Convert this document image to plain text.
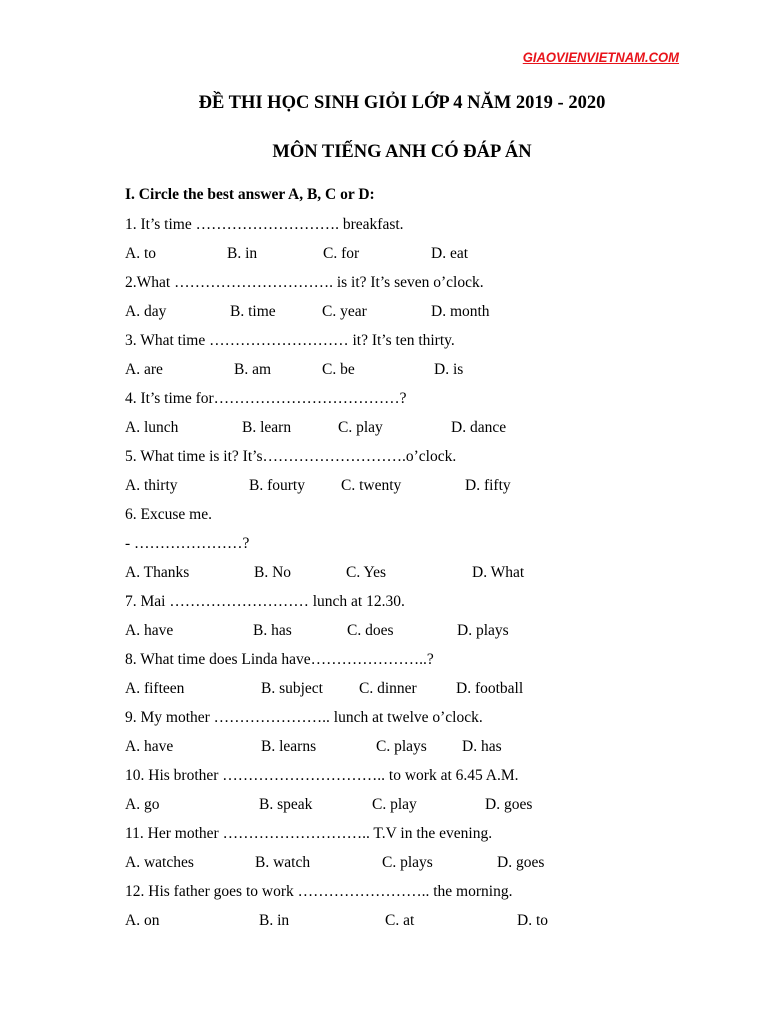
GIAOVIENVIETNAM.COM
ĐỀ THI HỌC SINH GIỎI LỚP 4 NĂM 2019 - 2020
MÔN TIẾNG ANH CÓ ĐÁP ÁN
I. Circle the best answer A, B, C or D:
1. It’s time ………………………. breakfast.
A. to	B. in	C. for	D. eat
2.What …………………………. is it? It’s seven o’clock.
A. day	B. time	C. year	D. month
3. What time ……………………… it? It’s ten thirty.
A. are	B. am	C. be	D. is
4. It’s time for………………………………?
A. lunch	B. learn	C. play	D. dance
5. What time is it? It’s……………………….o’clock.
A. thirty	B. fourty C. twenty	D. fifty
6. Excuse me.
- …………………?
A. Thanks	B. No	C. Yes	D. What
7. Mai ……………………… lunch at 12.30.
A. have	B. has	C. does	D. plays
8. What time does Linda have…………………..?
A. fifteen	B. subject C. dinner	D. football
9. My mother ………………….. lunch at twelve o’clock.
A. have	B. learns	C. plays D. has
10. His brother ………………………….. to work at 6.45 A.M.
A. go	B. speak	C. play	D. goes
11. Her mother ……………………….. T.V in the evening.
A. watches	B. watch	C. plays	D. goes
12. His father goes to work …………………….. the morning.
A. on	B. in	C. at	D. to
